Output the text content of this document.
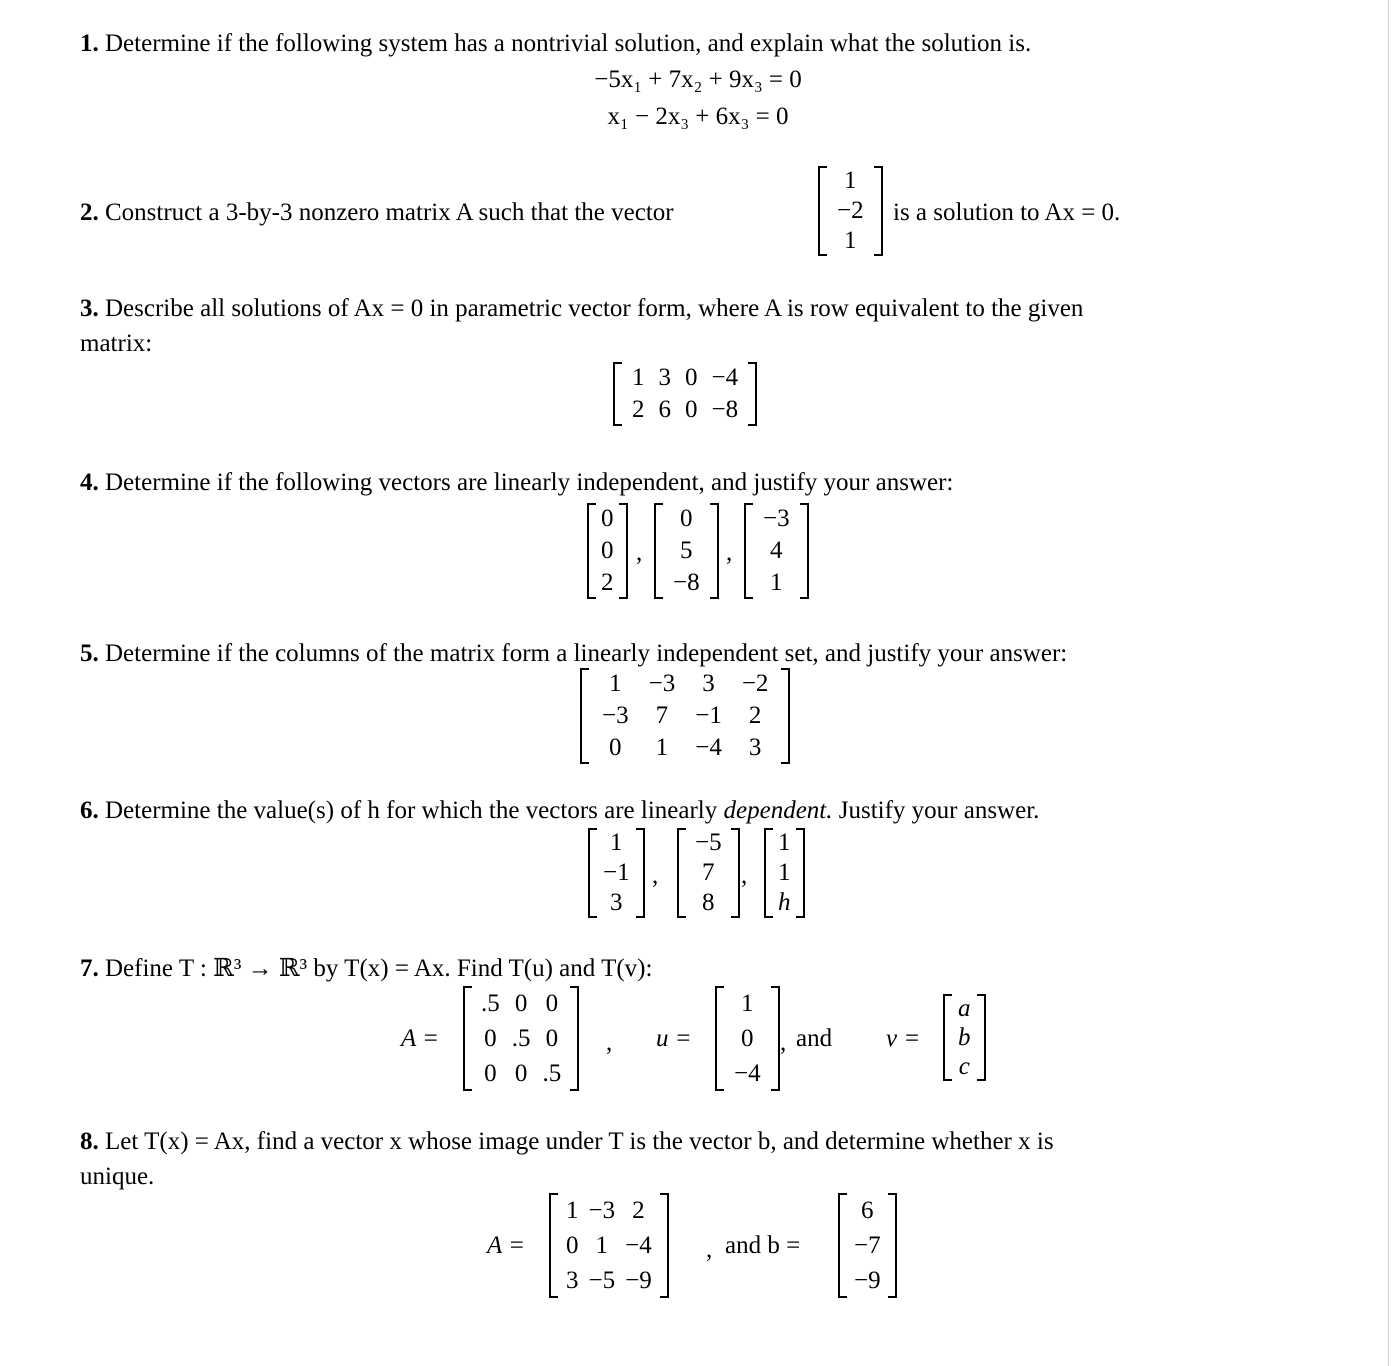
1. Determine if the following system has a nontrivial solution, and explain what the solution is.
−5x₁ + 7x₂ + 9x₃ = 0
x₁ − 2x₃ + 6x₃ = 0
2. Construct a 3-by-3 nonzero matrix A such that the vector
1
−2
1
is a solution to Ax = 0.
3. Describe all solutions of Ax = 0 in parametric vector form, where A is row equivalent to the given
matrix:
1 3 0 −4
2 6 0 −8
4. Determine if the following vectors are linearly independent, and justify your answer:
0
0
2
,
0
5
−8
,
−3
4
1
5. Determine if the columns of the matrix form a linearly independent set, and justify your answer:
1	−3	3	−2
−3	7	−1	2
0	1	−4	3
6. Determine the value(s) of h for which the vectors are linearly dependent. Justify your answer.
1
−1
3
,
−5
7
8
,
1
1
h
7. Define T : ℝ³ → ℝ³ by T(x) = Ax. Find T(u) and T(v):
A =
.5 0 0
0 .5 0
0 0 .5
, u =
1
0
−4
, and v =
a
b
c
8. Let T(x) = Ax, find a vector x whose image under T is the vector b, and determine whether x is
unique.
A =
1 −3 2
0 1 −4
3 −5 −9
, and b =
6
−7
−9
